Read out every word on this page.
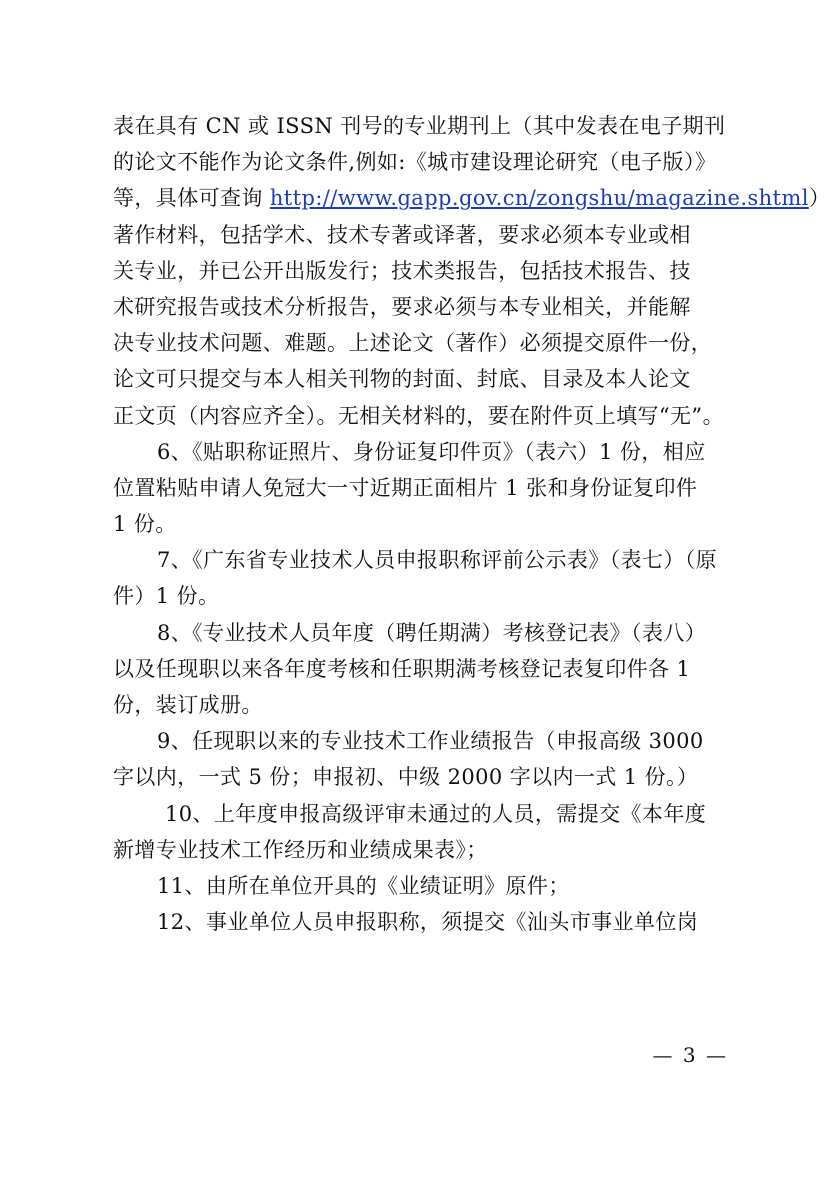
表在具有 CN 或 ISSN 刊号的专业期刊上（其中发表在电子期刊
的论文不能作为论文条件,例如:《城市建设理论研究（电子版）》
等，具体可查询 http://www.gapp.gov.cn/zongshu/magazine.shtml）
著作材料，包括学术、技术专著或译著，要求必须本专业或相
关专业，并已公开出版发行；技术类报告，包括技术报告、技
术研究报告或技术分析报告，要求必须与本专业相关，并能解
决专业技术问题、难题。上述论文（著作）必须提交原件一份，
论文可只提交与本人相关刊物的封面、封底、目录及本人论文
正文页（内容应齐全）。无相关材料的，要在附件页上填写“无”。
6、《贴职称证照片、身份证复印件页》（表六）1 份，相应
位置粘贴申请人免冠大一寸近期正面相片 1 张和身份证复印件
1 份。
7、《广东省专业技术人员申报职称评前公示表》（表七）（原
件）1 份。
8、《专业技术人员年度（聘任期满）考核登记表》（表八）
以及任现职以来各年度考核和任职期满考核登记表复印件各 1
份，装订成册。
9、任现职以来的专业技术工作业绩报告（申报高级 3000
字以内，一式 5 份；申报初、中级 2000 字以内一式 1 份。）
10、上年度申报高级评审未通过的人员，需提交《本年度
新增专业技术工作经历和业绩成果表》；
11、由所在单位开具的《业绩证明》原件；
12、事业单位人员申报职称，须提交《汕头市事业单位岗
— 3 —
